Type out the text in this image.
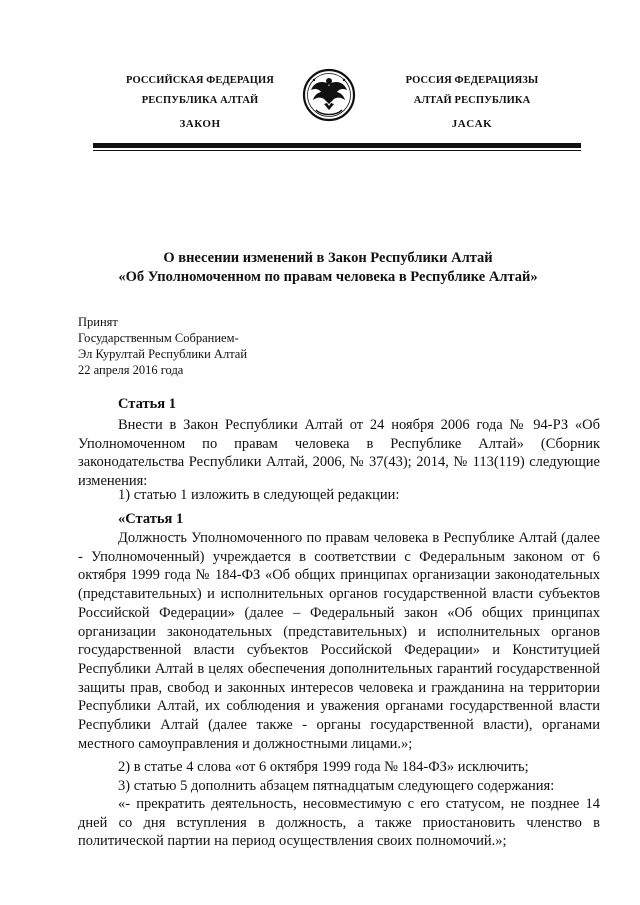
РОССИЙСКАЯ ФЕДЕРАЦИЯ
РЕСПУБЛИКА АЛТАЙ
ЗАКОН
РОССИЯ ФЕДЕРАЦИЯЗЫ
АЛТАЙ РЕСПУБЛИКА
JACAK
О внесении изменений в Закон Республики Алтай
«Об Уполномоченном по правам человека в Республике Алтай»
Принят
Государственным Собранием-
Эл Курултай Республики Алтай
22 апреля 2016 года
Статья 1
Внести в Закон Республики Алтай от 24 ноября 2006 года № 94-РЗ «Об Уполномоченном по правам человека в Республике Алтай» (Сборник законодательства Республики Алтай, 2006, № 37(43); 2014, № 113(119) следующие изменения:
1) статью 1 изложить в следующей редакции:
«Статья 1
Должность Уполномоченного по правам человека в Республике Алтай (далее - Уполномоченный) учреждается в соответствии с Федеральным законом от 6 октября 1999 года № 184-ФЗ «Об общих принципах организации законодательных (представительных) и исполнительных органов государственной власти субъектов Российской Федерации» (далее – Федеральный закон «Об общих принципах организации законодательных (представительных) и исполнительных органов государственной власти субъектов Российской Федерации» и Конституцией Республики Алтай в целях обеспечения дополнительных гарантий государственной защиты прав, свобод и законных интересов человека и гражданина на территории Республики Алтай, их соблюдения и уважения органами государственной власти Республики Алтай (далее также - органы государственной власти), органами местного самоуправления и должностными лицами.»;
2) в статье 4 слова «от 6 октября 1999 года № 184-ФЗ» исключить;
3) статью 5 дополнить абзацем пятнадцатым следующего содержания:
«- прекратить деятельность, несовместимую с его статусом, не позднее 14 дней со дня вступления в должность, а также приостановить членство в политической партии на период осуществления своих полномочий.»;
